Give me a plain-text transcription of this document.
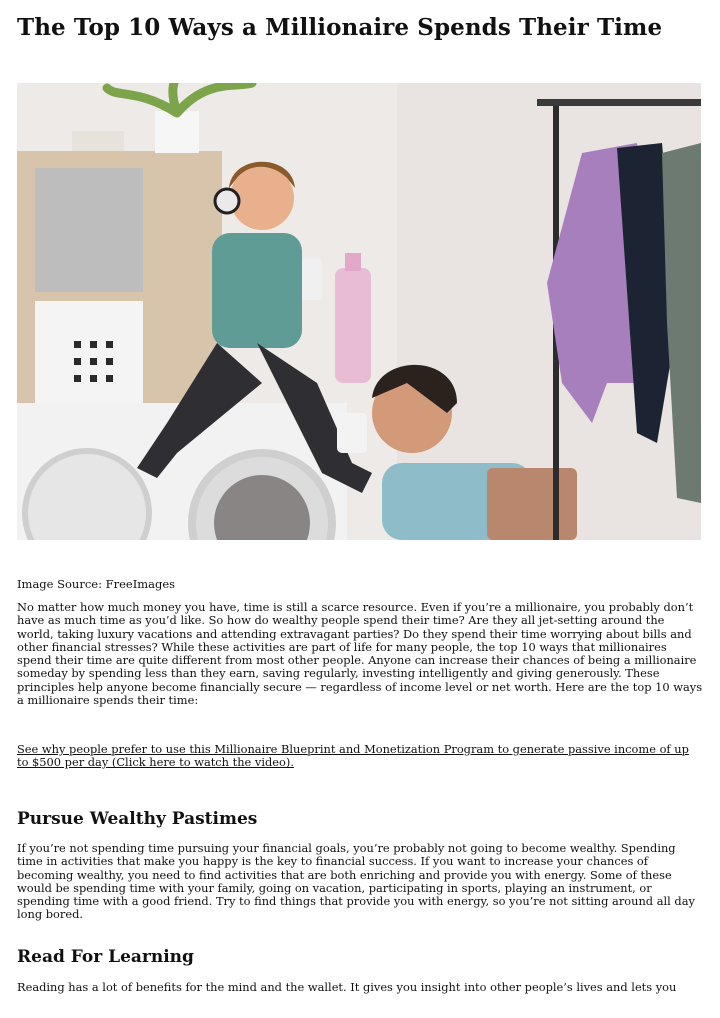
The Top 10 Ways a Millionaire Spends Their Time

Image Source: FreeImages

No matter how much money you have, time is still a scarce resource. Even if you’re a millionaire, you probably don’t have as much time as you’d like. So how do wealthy people spend their time? Are they all jet-setting around the world, taking luxury vacations and attending extravagant parties? Do they spend their time worrying about bills and other financial stresses? While these activities are part of life for many people, the top 10 ways that millionaires spend their time are quite different from most other people. Anyone can increase their chances of being a millionaire someday by spending less than they earn, saving regularly, investing intelligently and giving generously. These principles help anyone become financially secure — regardless of income level or net worth. Here are the top 10 ways a millionaire spends their time:

See why people prefer to use this Millionaire Blueprint and Monetization Program to generate passive income of up to $500 per day (Click here to watch the video).
Pursue Wealthy Pastimes

If you’re not spending time pursuing your financial goals, you’re probably not going to become wealthy. Spending time in activities that make you happy is the key to financial success. If you want to increase your chances of becoming wealthy, you need to find activities that are both enriching and provide you with energy. Some of these would be spending time with your family, going on vacation, participating in sports, playing an instrument, or spending time with a good friend. Try to find things that provide you with energy, so you’re not sitting around all day long bored.

Read For Learning

Reading has a lot of benefits for the mind and the wallet. It gives you insight into other people’s lives and lets you
